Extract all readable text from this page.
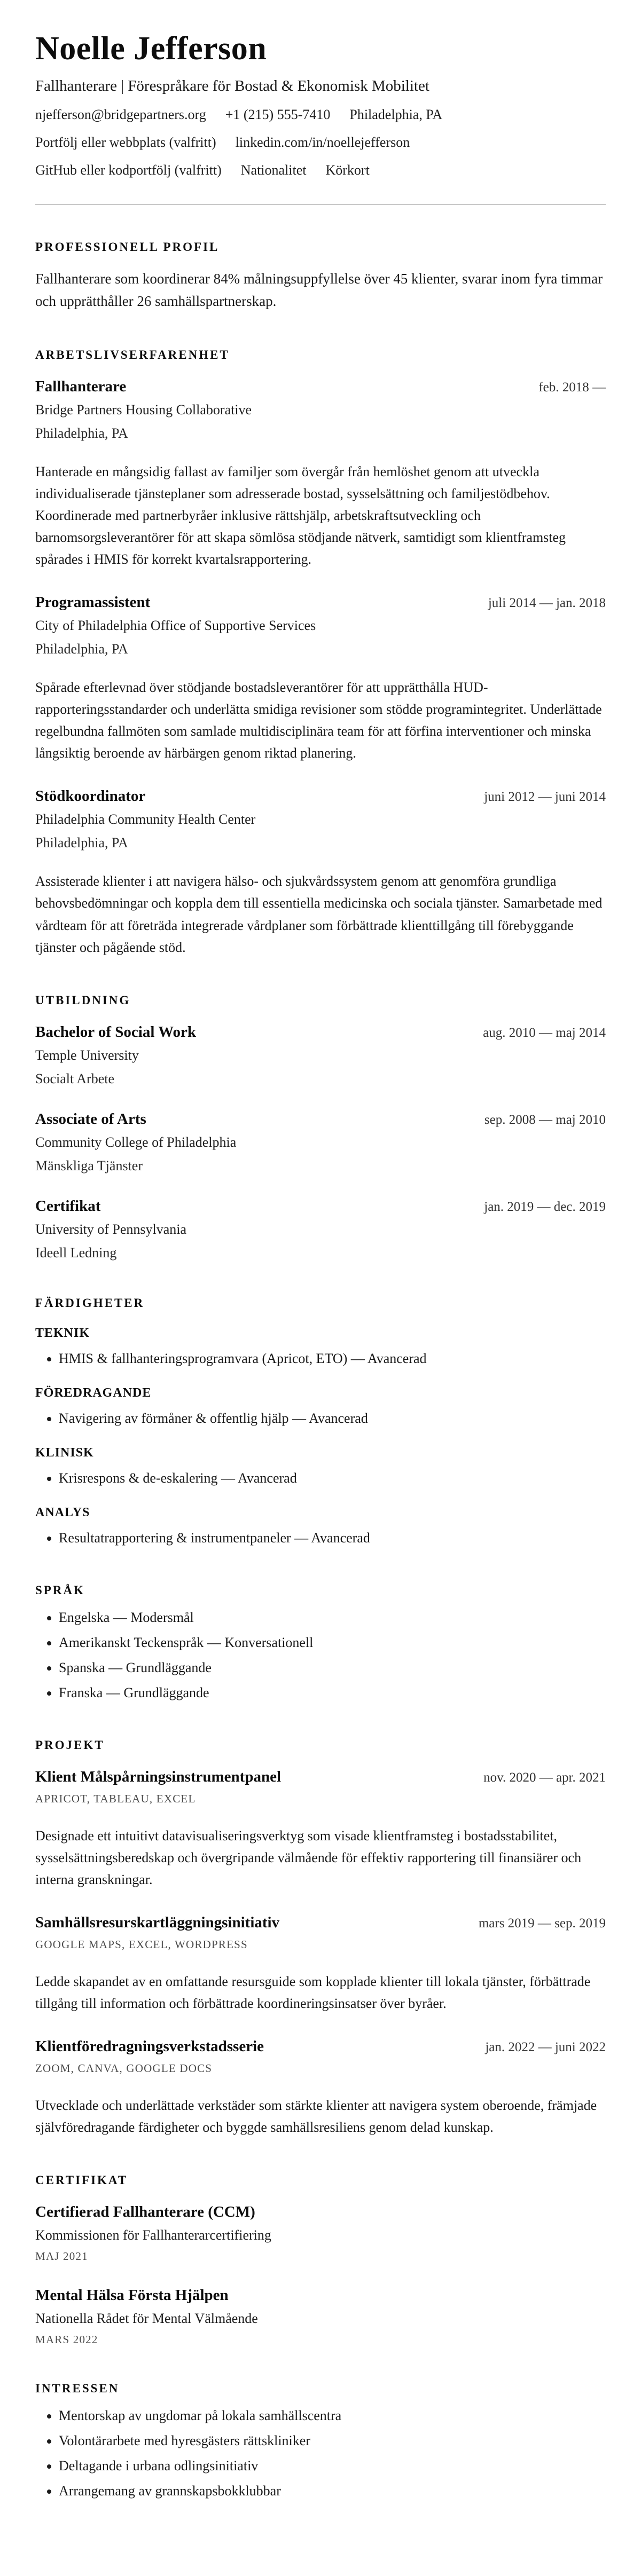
Noelle Jefferson
Fallhanterare | Förespråkare för Bostad & Ekonomisk Mobilitet
njefferson@bridgepartners.org +1 (215) 555-7410 Philadelphia, PA
Portfölj eller webbplats (valfritt) linkedin.com/in/noellejefferson
GitHub eller kodportfölj (valfritt) Nationalitet Körkort
PROFESSIONELL PROFIL

Fallhanterare som koordinerar 84% målningsuppfyllelse över 45 klienter, svarar inom fyra timmar och upprätthåller 26 samhällspartnerskap.

ARBETSLIVSERFARENHET
Fallhanterare	feb. 2018 —
Bridge Partners Housing Collaborative
Philadelphia, PA

Hanterade en mångsidig fallast av familjer som övergår från hemlöshet genom att utveckla individualiserade tjänsteplaner som adresserade bostad, sysselsättning och familjestödbehov. Koordinerade med partnerbyråer inklusive rättshjälp, arbetskraftsutveckling och barnomsorgsleverantörer för att skapa sömlösa stödjande nätverk, samtidigt som klientframsteg spårades i HMIS för korrekt kvartalsrapportering.

Programassistent	juli 2014 — jan. 2018
City of Philadelphia Office of Supportive Services
Philadelphia, PA

Spårade efterlevnad över stödjande bostadsleverantörer för att upprätthålla HUD-rapporteringsstandarder och underlätta smidiga revisioner som stödde programintegritet. Underlättade regelbundna fallmöten som samlade multidisciplinära team för att förfina interventioner och minska långsiktig beroende av härbärgen genom riktad planering.

Stödkoordinator	juni 2012 — juni 2014
Philadelphia Community Health Center
Philadelphia, PA

Assisterade klienter i att navigera hälso- och sjukvårdssystem genom att genomföra grundliga behovsbedömningar och koppla dem till essentiella medicinska och sociala tjänster. Samarbetade med vårdteam för att företräda integrerade vårdplaner som förbättrade klienttillgång till förebyggande tjänster och pågående stöd.

UTBILDNING
Bachelor of Social Work	aug. 2010 — maj 2014
Temple University
Socialt Arbete
Associate of Arts	sep. 2008 — maj 2010
Community College of Philadelphia
Mänskliga Tjänster
Certifikat	jan. 2019 — dec. 2019
University of Pennsylvania
Ideell Ledning
FÄRDIGHETER
TEKNIK
• HMIS & fallhanteringsprogramvara (Apricot, ETO) — Avancerad
FÖREDRAGANDE
• Navigering av förmåner & offentlig hjälp — Avancerad
KLINISK
• Krisrespons & de-eskalering — Avancerad
ANALYS
• Resultatrapportering & instrumentpaneler — Avancerad
SPRÅK
• Engelska — Modersmål
• Amerikanskt Teckenspråk — Konversationell
• Spanska — Grundläggande
• Franska — Grundläggande
PROJEKT
Klient Målspårningsinstrumentpanel	nov. 2020 — apr. 2021
APRICOT, TABLEAU, EXCEL

Designade ett intuitivt datavisualiseringsverktyg som visade klientframsteg i bostadsstabilitet, sysselsättningsberedskap och övergripande välmående för effektiv rapportering till finansiärer och interna granskningar.

Samhällsresurskartläggningsinitiativ	mars 2019 — sep. 2019
GOOGLE MAPS, EXCEL, WORDPRESS

Ledde skapandet av en omfattande resursguide som kopplade klienter till lokala tjänster, förbättrade tillgång till information och förbättrade koordineringsinsatser över byråer.

Klientföredragningsverkstadsserie	jan. 2022 — juni 2022
ZOOM, CANVA, GOOGLE DOCS

Utvecklade och underlättade verkstäder som stärkte klienter att navigera system oberoende, främjade självföredragande färdigheter och byggde samhällsresiliens genom delad kunskap.

CERTIFIKAT
Certifierad Fallhanterare (CCM)
Kommissionen för Fallhanterarcertifiering
MAJ 2021
Mental Hälsa Första Hjälpen
Nationella Rådet för Mental Välmående
MARS 2022
INTRESSEN
• Mentorskap av ungdomar på lokala samhällscentra
• Volontärarbete med hyresgästers rättskliniker
• Deltagande i urbana odlingsinitiativ
• Arrangemang av grannskapsbokklubbar
